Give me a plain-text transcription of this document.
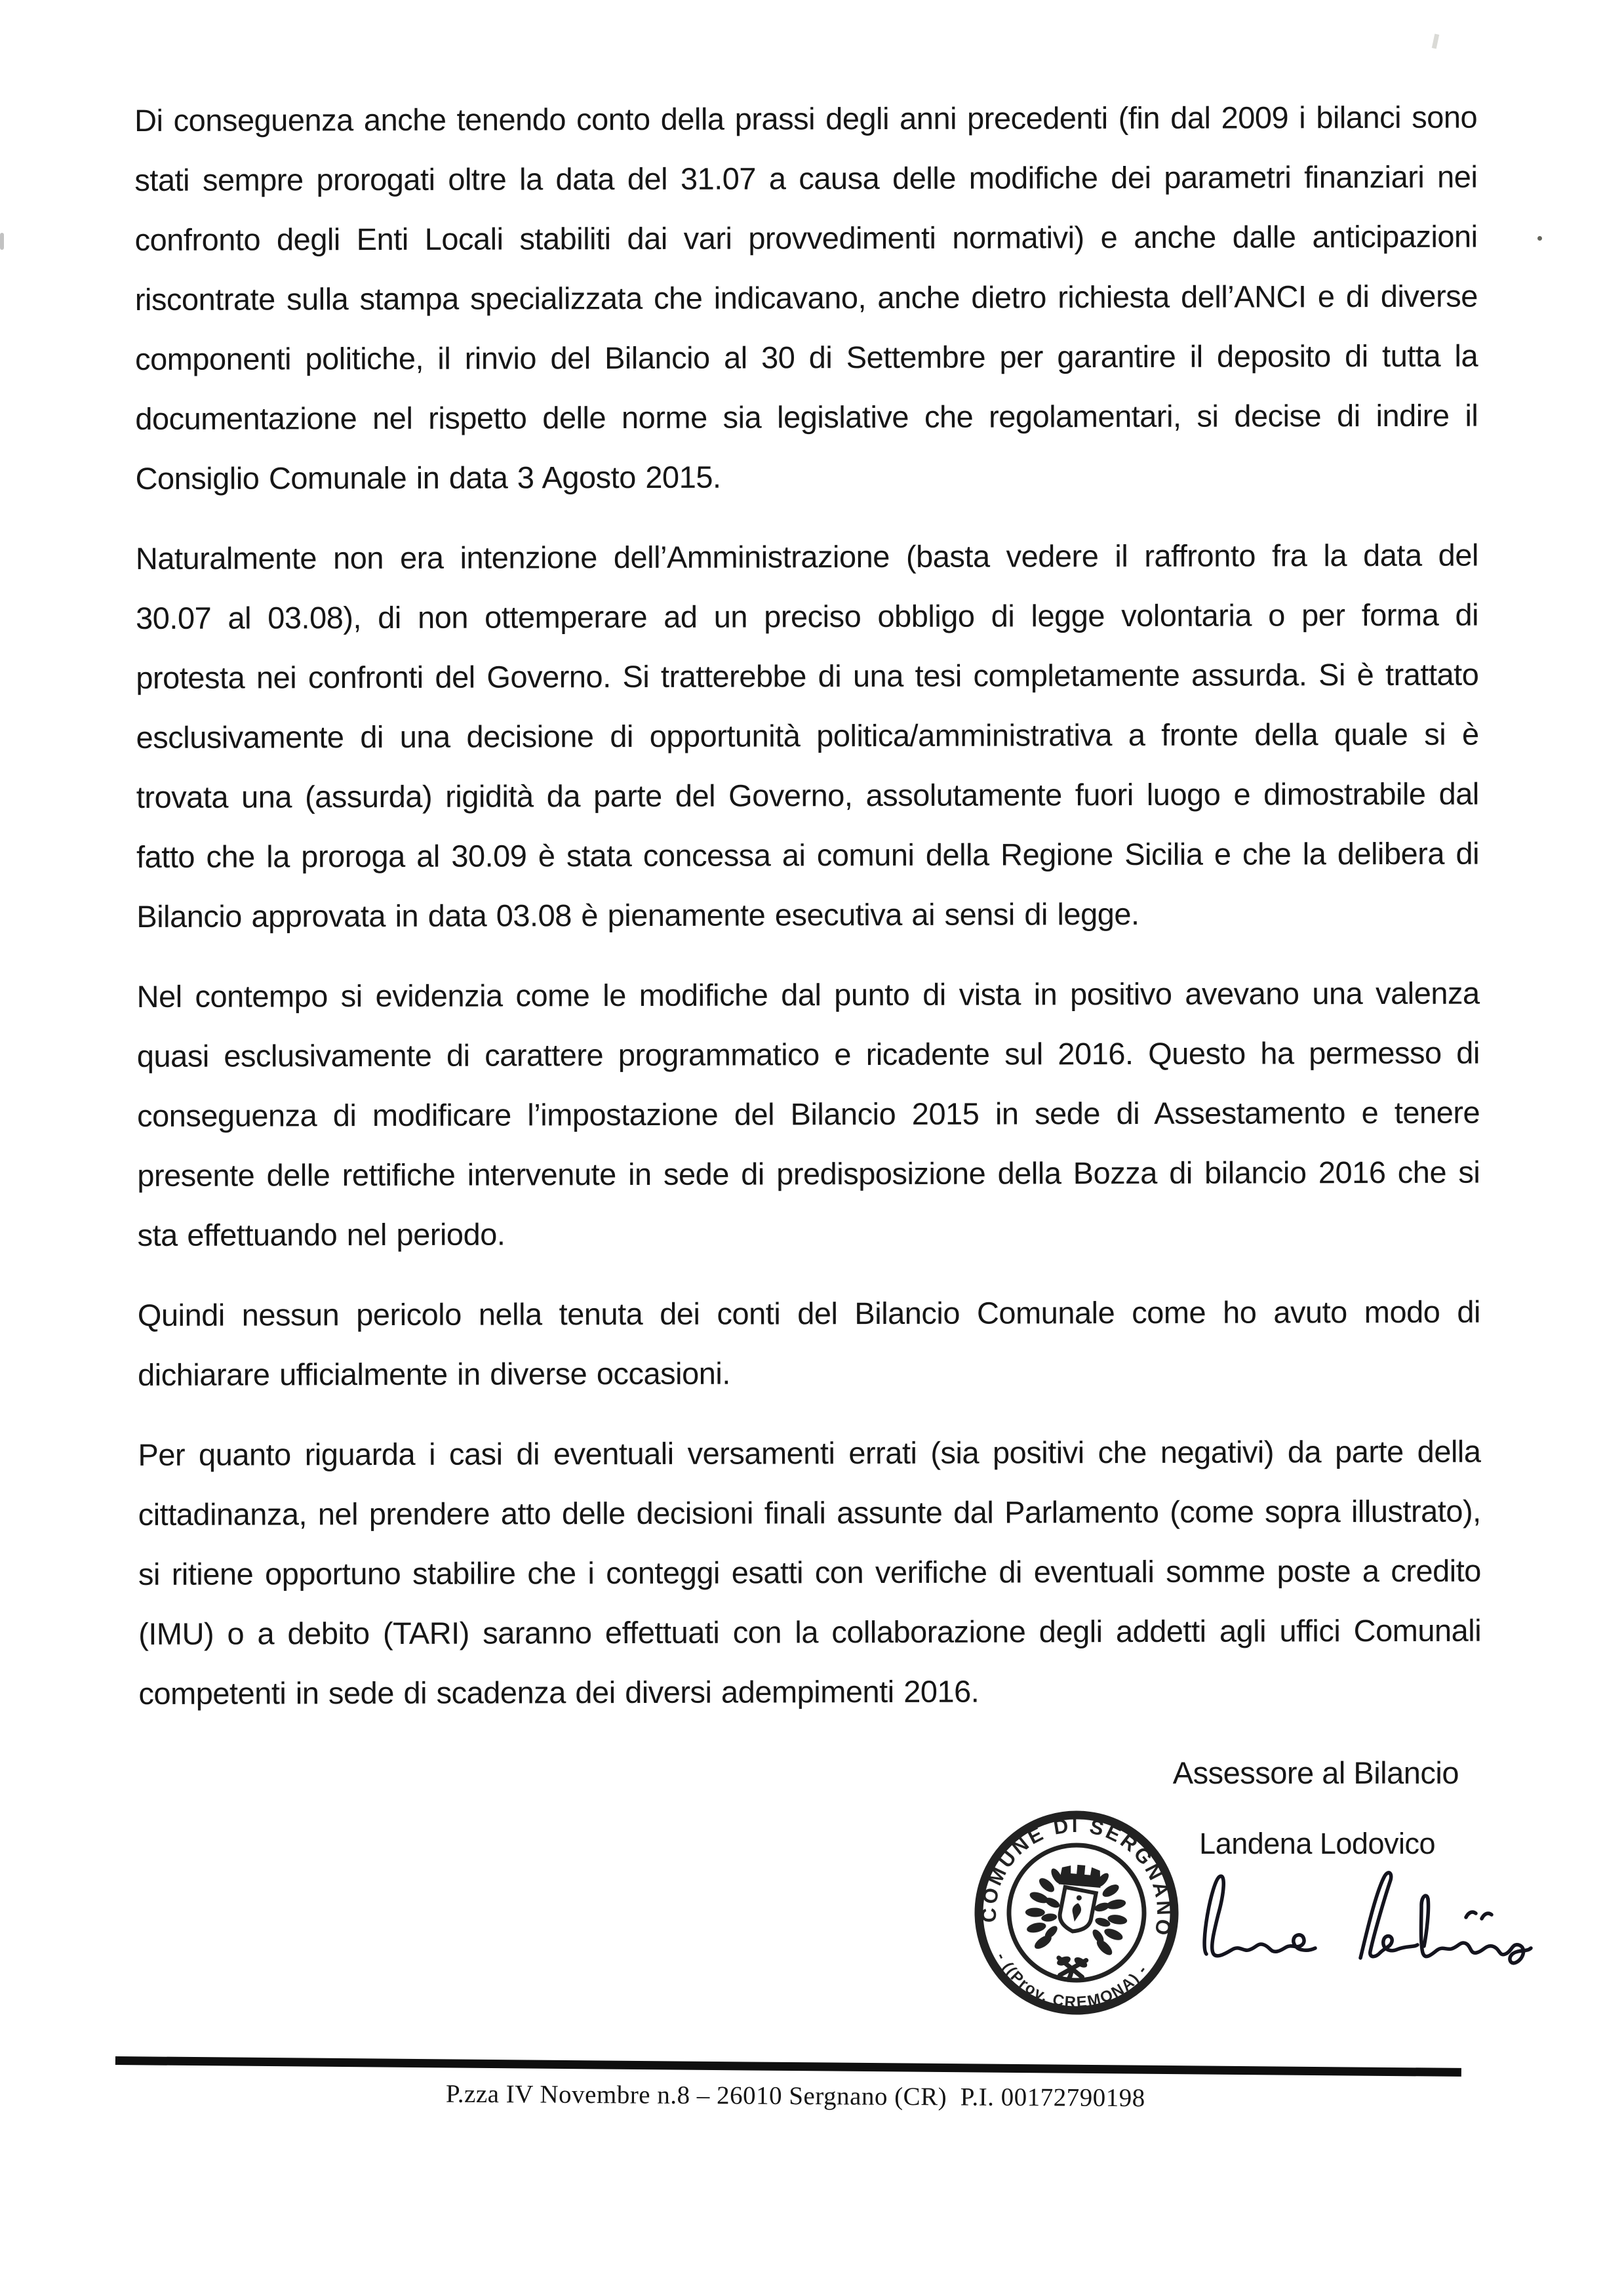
Di conseguenza anche tenendo conto della prassi degli anni precedenti (fin dal 2009 i bilanci sono stati sempre prorogati oltre la data del 31.07 a causa delle modifiche dei parametri finanziari nei confronto degli Enti Locali stabiliti dai vari provvedimenti normativi) e anche dalle anticipazioni riscontrate sulla stampa specializzata che indicavano, anche dietro richiesta dell’ANCI e di diverse componenti politiche, il rinvio del Bilancio al 30 di Settembre per garantire il deposito di tutta la documentazione nel rispetto delle norme sia legislative che regolamentari, si decise di indire il Consiglio Comunale in data 3 Agosto 2015.

Naturalmente non era intenzione dell’Amministrazione (basta vedere il raffronto fra la data del 30.07 al 03.08), di non ottemperare ad un preciso obbligo di legge volontaria o per forma di protesta nei confronti del Governo. Si tratterebbe di una tesi completamente assurda. Si è trattato esclusivamente di una decisione di opportunità politica/amministrativa a fronte della quale si è trovata una (assurda) rigidità da parte del Governo, assolutamente fuori luogo e dimostrabile dal fatto che la proroga al 30.09 è stata concessa ai comuni della Regione Sicilia e che la delibera di Bilancio approvata in data 03.08 è pienamente esecutiva ai sensi di legge.

Nel contempo si evidenzia come le modifiche dal punto di vista in positivo avevano una valenza quasi esclusivamente di carattere programmatico e ricadente sul 2016. Questo ha permesso di conseguenza di modificare l’impostazione del Bilancio 2015 in sede di Assestamento e tenere presente delle rettifiche intervenute in sede di predisposizione della Bozza di bilancio 2016 che si sta effettuando nel periodo.

Quindi nessun pericolo nella tenuta dei conti del Bilancio Comunale come ho avuto modo di dichiarare ufficialmente in diverse occasioni.

Per quanto riguarda i casi di eventuali versamenti errati (sia positivi che negativi) da parte della cittadinanza, nel prendere atto delle decisioni finali assunte dal Parlamento (come sopra illustrato), si ritiene opportuno stabilire che i conteggi esatti con verifiche di eventuali somme poste a credito (IMU) o a debito (TARI) saranno effettuati con la collaborazione degli addetti agli uffici Comunali competenti in sede di scadenza dei diversi adempimenti 2016.

Assessore al Bilancio
Landena Lodovico
COMUNE DI SERGNANO
- ((Prov. CREMONA) -
P.zza IV Novembre n.8 – 26010 Sergnano (CR)  P.I. 00172790198
